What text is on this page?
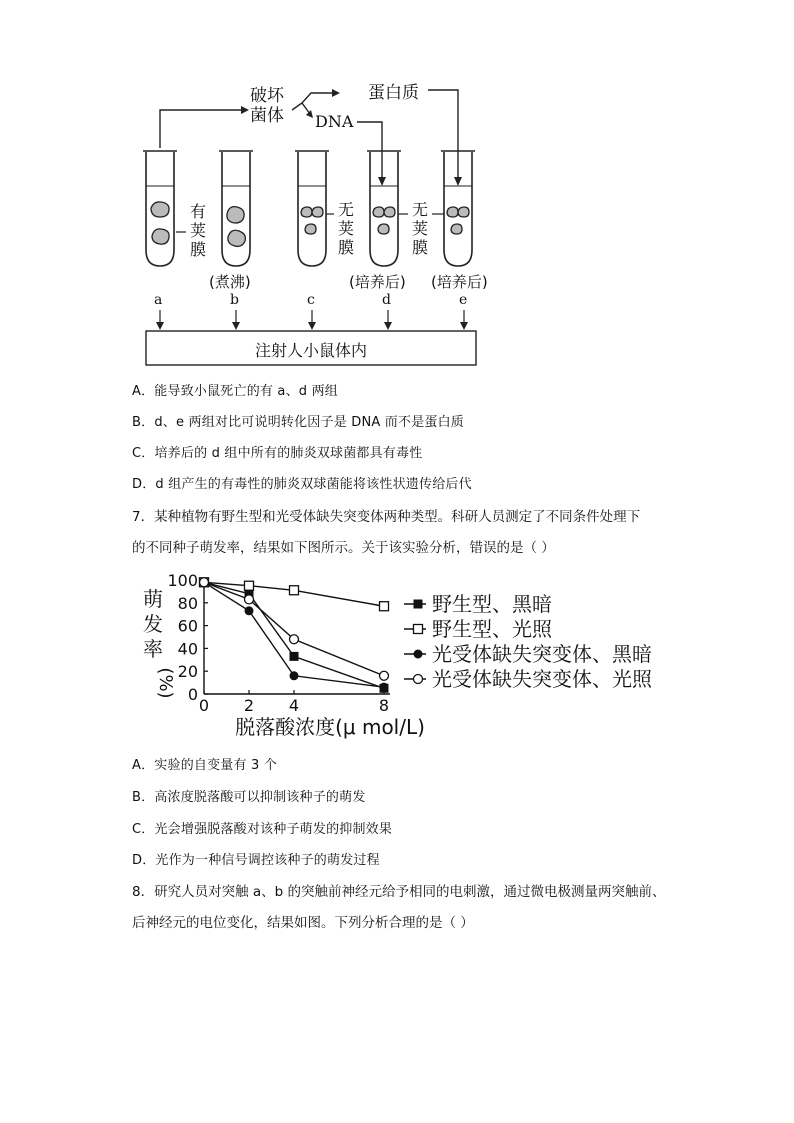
破坏
菌体
蛋白质
DNA
有
荚
膜
无
荚
膜
无
荚
膜
(煮沸)	(培养后) (培养后)
a	b	c	d	e
注射人小鼠体内
A．能导致小鼠死亡的有 a、d 两组
B．d、e 两组对比可说明转化因子是 DNA 而不是蛋白质
C．培养后的 d 组中所有的肺炎双球菌都具有毒性
D．d 组产生的有毒性的肺炎双球菌能将该性状遗传给后代
7．某种植物有野生型和光受体缺失突变体两种类型。科研人员测定了不同条件处理下
的不同种子萌发率，结果如下图所示。关于该实验分析，错误的是（ ）
0
20
40
60
80
100
0 2 4	8
萌
发
率
(%)
脱落酸浓度(μ mol/L)
野生型、黑暗
野生型、光照
光受体缺失突变体、黑暗
光受体缺失突变体、光照
A．实验的自变量有 3 个
B．高浓度脱落酸可以抑制该种子的萌发
C．光会增强脱落酸对该种子萌发的抑制效果
D．光作为一种信号调控该种子的萌发过程
8．研究人员对突触 a、b 的突触前神经元给予相同的电刺激，通过微电极测量两突触前、
后神经元的电位变化，结果如图。下列分析合理的是（ ）
